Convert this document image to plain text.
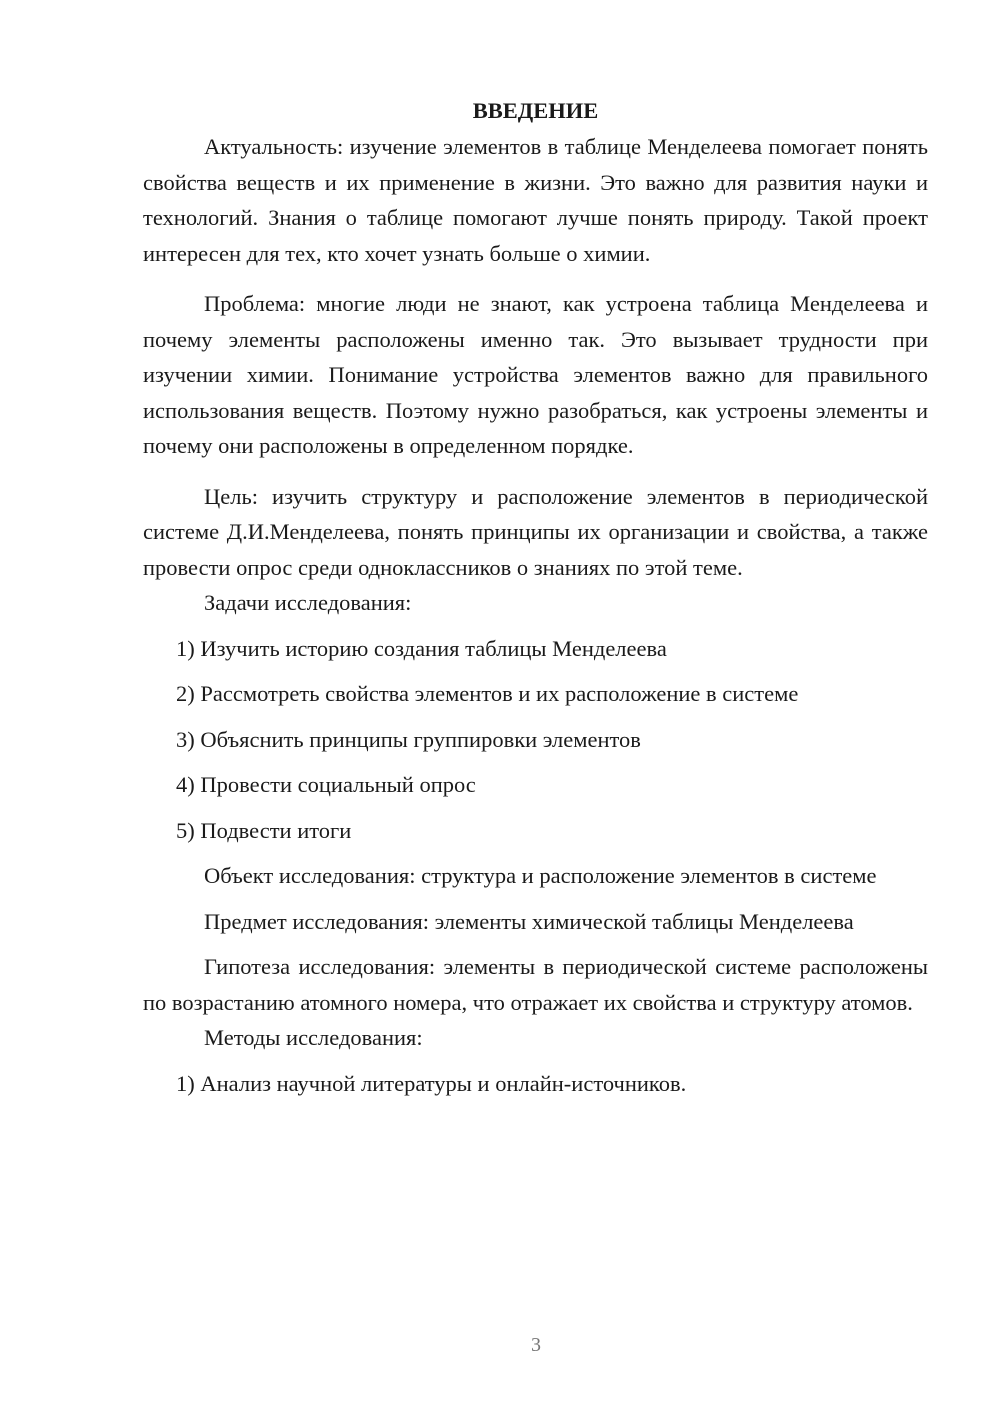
ВВЕДЕНИЕ

Актуальность: изучение элементов в таблице Менделеева помогает понять свойства веществ и их применение в жизни. Это важно для развития науки и технологий. Знания о таблице помогают лучше понять природу. Такой проект интересен для тех, кто хочет узнать больше о химии.

Проблема: многие люди не знают, как устроена таблица Менделеева и почему элементы расположены именно так. Это вызывает трудности при изучении химии. Понимание устройства элементов важно для правильного использования веществ. Поэтому нужно разобраться, как устроены элементы и почему они расположены в определенном порядке.

Цель: изучить структуру и расположение элементов в периодической системе Д.И.Менделеева, понять принципы их организации и свойства, а также провести опрос среди одноклассников о знаниях по этой теме.

Задачи исследования:

1) Изучить историю создания таблицы Менделеева

2) Рассмотреть свойства элементов и их расположение в системе

3) Объяснить принципы группировки элементов

4) Провести социальный опрос

5) Подвести итоги

Объект исследования: структура и расположение элементов в системе

Предмет исследования: элементы химической таблицы Менделеева

Гипотеза исследования: элементы в периодической системе расположены по возрастанию атомного номера, что отражает их свойства и структуру атомов.

Методы исследования:

1) Анализ научной литературы и онлайн-источников.

3
